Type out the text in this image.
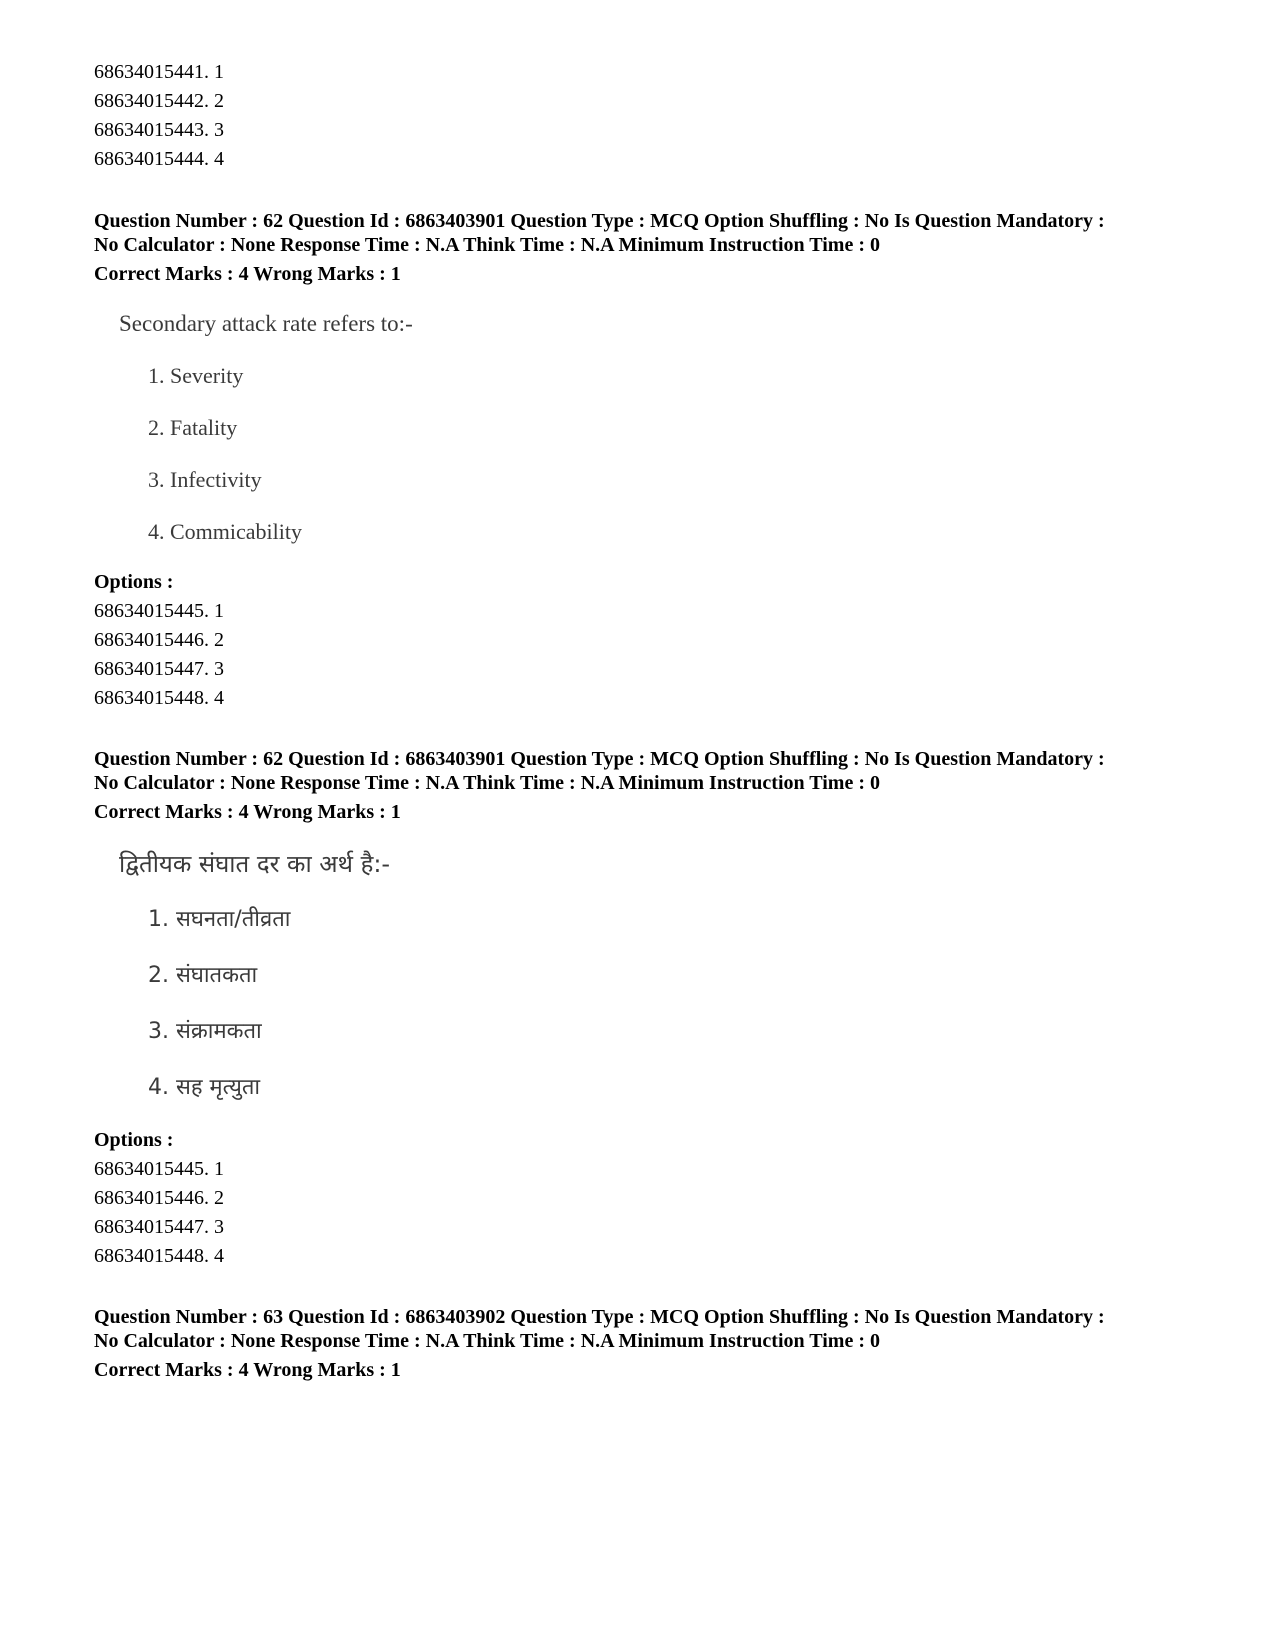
68634015441. 1
68634015442. 2
68634015443. 3
68634015444. 4
Question Number : 62 Question Id : 6863403901 Question Type : MCQ Option Shuffling : No Is Question Mandatory :
No Calculator : None Response Time : N.A Think Time : N.A Minimum Instruction Time : 0
Correct Marks : 4 Wrong Marks : 1
Secondary attack rate refers to:-
1. Severity
2. Fatality
3. Infectivity
4. Commicability
Options :
68634015445. 1
68634015446. 2
68634015447. 3
68634015448. 4
Question Number : 62 Question Id : 6863403901 Question Type : MCQ Option Shuffling : No Is Question Mandatory :
No Calculator : None Response Time : N.A Think Time : N.A Minimum Instruction Time : 0
Correct Marks : 4 Wrong Marks : 1
द्वितीयक संघात दर का अर्थ है:-
1. सघनता/तीव्रता
2. संघातकता
3. संक्रामकता
4. सह मृत्युता
Options :
68634015445. 1
68634015446. 2
68634015447. 3
68634015448. 4
Question Number : 63 Question Id : 6863403902 Question Type : MCQ Option Shuffling : No Is Question Mandatory :
No Calculator : None Response Time : N.A Think Time : N.A Minimum Instruction Time : 0
Correct Marks : 4 Wrong Marks : 1
